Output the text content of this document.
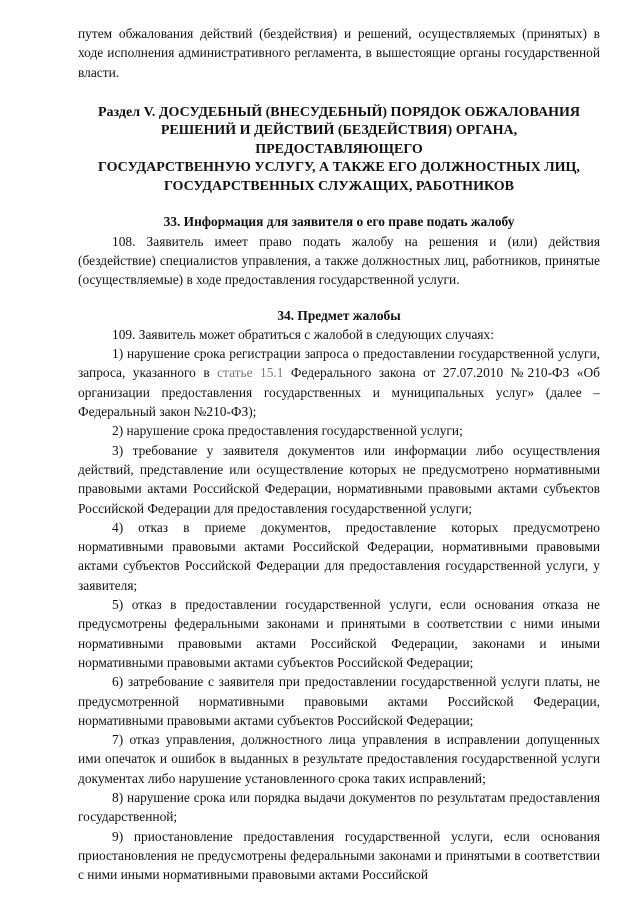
путем обжалования действий (бездействия) и решений, осуществляемых (принятых) в ходе исполнения административного регламента, в вышестоящие органы государственной власти.

Раздел V. ДОСУДЕБНЫЙ (ВНЕСУДЕБНЫЙ) ПОРЯДОК ОБЖАЛОВАНИЯ
РЕШЕНИЙ И ДЕЙСТВИЙ (БЕЗДЕЙСТВИЯ) ОРГАНА,
ПРЕДОСТАВЛЯЮЩЕГО
ГОСУДАРСТВЕННУЮ УСЛУГУ, А ТАКЖЕ ЕГО ДОЛЖНОСТНЫХ ЛИЦ,
ГОСУДАРСТВЕННЫХ СЛУЖАЩИХ, РАБОТНИКОВ
33. Информация для заявителя о его праве подать жалобу

108. Заявитель имеет право подать жалобу на решения и (или) действия (бездействие) специалистов управления, а также должностных лиц, работников, принятые (осуществляемые) в ходе предоставления государственной услуги.

34. Предмет жалобы

109. Заявитель может обратиться с жалобой в следующих случаях:

1) нарушение срока регистрации запроса о предоставлении государственной услуги, запроса, указанного в статье 15.1 Федерального закона от 27.07.2010 №210-ФЗ «Об организации предоставления государственных и муниципальных услуг» (далее – Федеральный закон №210-ФЗ);

2) нарушение срока предоставления государственной услуги;

3) требование у заявителя документов или информации либо осуществления действий, представление или осуществление которых не предусмотрено нормативными правовыми актами Российской Федерации, нормативными правовыми актами субъектов Российской Федерации для предоставления государственной услуги;

4) отказ в приеме документов, предоставление которых предусмотрено нормативными правовыми актами Российской Федерации, нормативными правовыми актами субъектов Российской Федерации для предоставления государственной услуги, у заявителя;

5) отказ в предоставлении государственной услуги, если основания отказа не предусмотрены федеральными законами и принятыми в соответствии с ними иными нормативными правовыми актами Российской Федерации, законами и иными нормативными правовыми актами субъектов Российской Федерации;

6) затребование с заявителя при предоставлении государственной услуги платы, не предусмотренной нормативными правовыми актами Российской Федерации, нормативными правовыми актами субъектов Российской Федерации;

7) отказ управления, должностного лица управления в исправлении допущенных ими опечаток и ошибок в выданных в результате предоставления государственной услуги документах либо нарушение установленного срока таких исправлений;

8) нарушение срока или порядка выдачи документов по результатам предоставления государственной;

9) приостановление предоставления государственной услуги, если основания приостановления не предусмотрены федеральными законами и принятыми в соответствии с ними иными нормативными правовыми актами Российской
